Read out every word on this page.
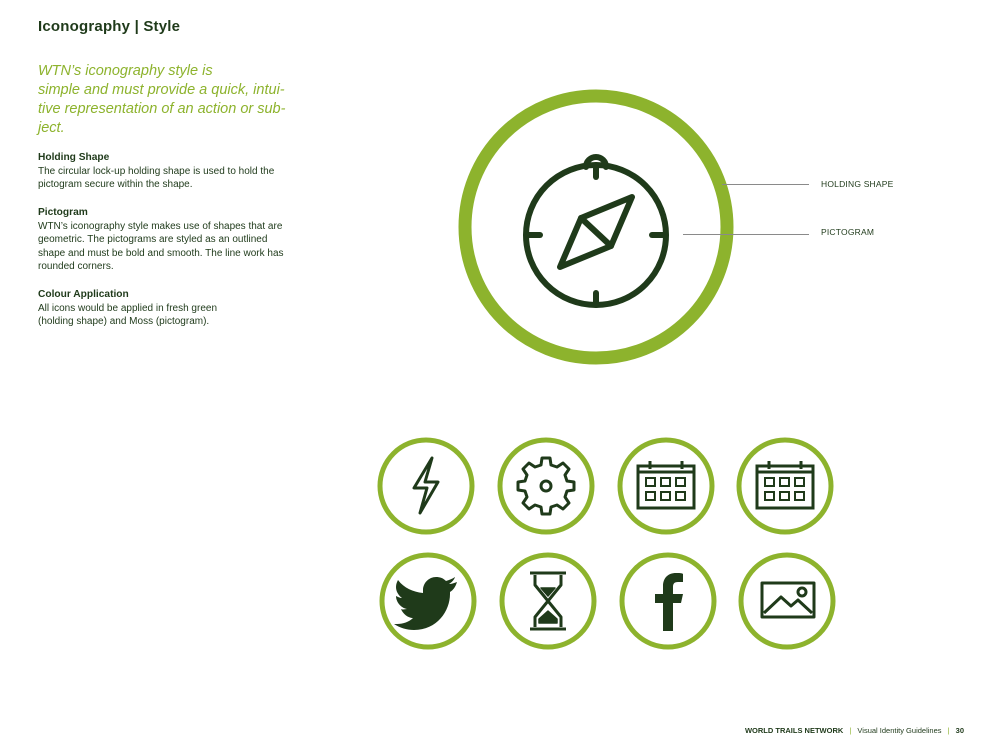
Iconography | Style
WTN’s iconography style is
simple and must provide a quick, intui-
tive representation of an action or sub-
ject.
Holding Shape
The circular lock-up holding shape is used to hold the
pictogram secure within the shape.
Pictogram
WTN’s iconography style makes use of shapes that are
geometric. The pictograms are styled as an outlined
shape and must be bold and smooth. The line work has
rounded corners.
Colour Application
All icons would be applied in fresh green
(holding shape) and Moss (pictogram).
HOLDING SHAPE
PICTOGRAM
WORLD TRAILS NETWORK | Visual Identity Guidelines | 30
